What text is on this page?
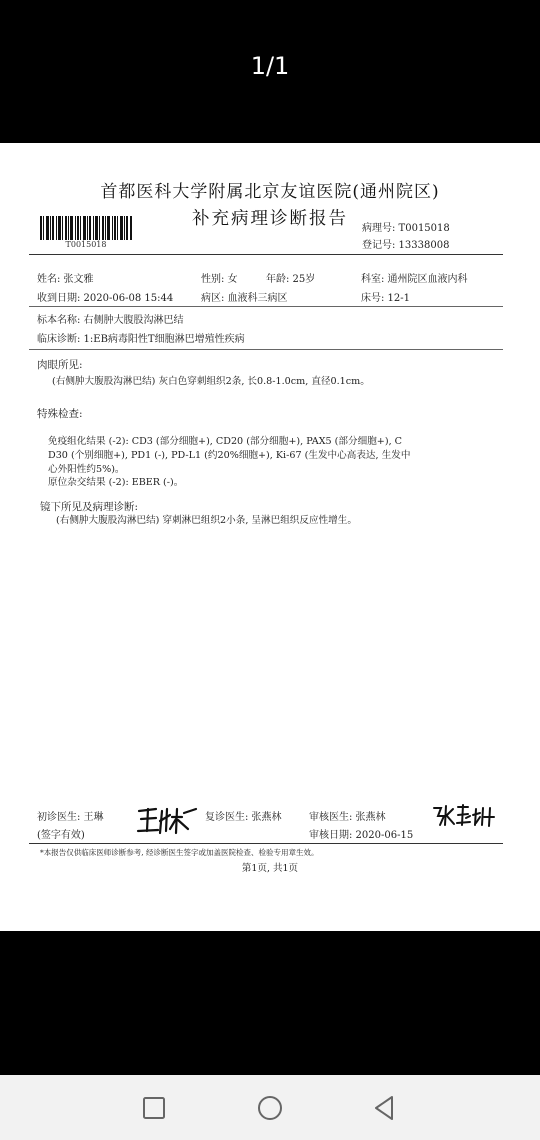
1/1
首都医科大学附属北京友谊医院(通州院区)
补充病理诊断报告
T0015018
病理号: T0015018
登记号: 13338008
姓名: 张文雅	性别: 女	年龄: 25岁	科室: 通州院区血液内科
收到日期: 2020-06-08 15:44	病区: 血液科三病区	床号: 12-1
标本名称: 右侧肿大腹股沟淋巴结
临床诊断: 1:EB病毒阳性T细胞淋巴增殖性疾病
肉眼所见:
(右侧肿大腹股沟淋巴结) 灰白色穿刺组织2条, 长0.8-1.0cm, 直径0.1cm。
特殊检查:
免疫组化结果 (-2): CD3 (部分细胞+), CD20 (部分细胞+), PAX5 (部分细胞+), C
D30 (个别细胞+), PD1 (-), PD-L1 (约20%细胞+), Ki-67 (生发中心高表达, 生发中
心外阳性约5%)。
原位杂交结果 (-2): EBER (-)。
镜下所见及病理诊断:
(右侧肿大腹股沟淋巴结) 穿刺淋巴组织2小条, 呈淋巴组织反应性增生。
初诊医生: 王琳
(签字有效)
复诊医生: 张燕林	审核医生: 张燕林
审核日期: 2020-06-15
*本报告仅供临床医师诊断参考, 经诊断医生签字或加盖医院检查、检验专用章生效。
第1页, 共1页
